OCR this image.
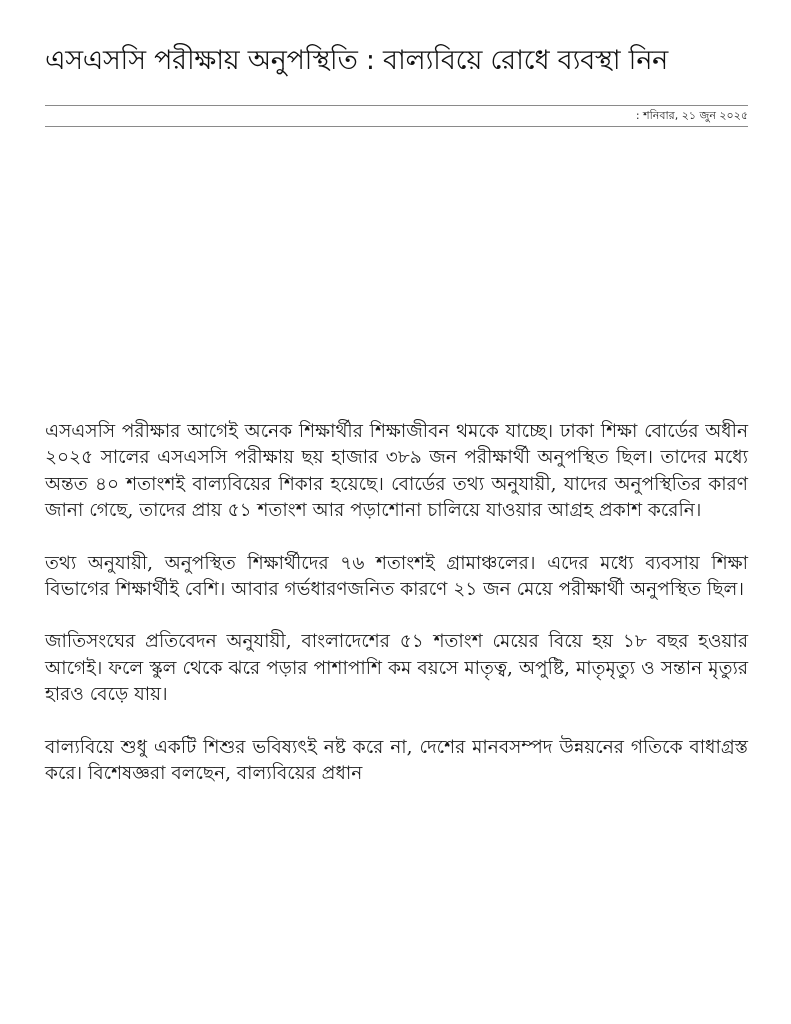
এসএসসি পরীক্ষায় অনুপস্থিতি : বাল্যবিয়ে রোধে ব্যবস্থা নিন
: শনিবার, ২১ জুন ২০২৫

এসএসসি পরীক্ষার আগেই অনেক শিক্ষার্থীর শিক্ষাজীবন থমকে যাচ্ছে। ঢাকা শিক্ষা বোর্ডের অধীন ২০২৫ সালের এসএসসি পরীক্ষায় ছয় হাজার ৩৮৯ জন পরীক্ষার্থী অনুপস্থিত ছিল। তাদের মধ্যে অন্তত ৪০ শতাংশই বাল্যবিয়ের শিকার হয়েছে। বোর্ডের তথ্য অনুযায়ী, যাদের অনুপস্থিতির কারণ জানা গেছে, তাদের প্রায় ৫১ শতাংশ আর পড়াশোনা চালিয়ে যাওয়ার আগ্রহ প্রকাশ করেনি।

তথ্য অনুযায়ী, অনুপস্থিত শিক্ষার্থীদের ৭৬ শতাংশই গ্রামাঞ্চলের। এদের মধ্যে ব্যবসায় শিক্ষা বিভাগের শিক্ষার্থীই বেশি। আবার গর্ভধারণজনিত কারণে ২১ জন মেয়ে পরীক্ষার্থী অনুপস্থিত ছিল।

জাতিসংঘের প্রতিবেদন অনুযায়ী, বাংলাদেশের ৫১ শতাংশ মেয়ের বিয়ে হয় ১৮ বছর হওয়ার আগেই। ফলে স্কুল থেকে ঝরে পড়ার পাশাপাশি কম বয়সে মাতৃত্ব, অপুষ্টি, মাতৃমৃত্যু ও সন্তান মৃত্যুর হারও বেড়ে যায়।

বাল্যবিয়ে শুধু একটি শিশুর ভবিষ্যৎই নষ্ট করে না, দেশের মানবসম্পদ উন্নয়নের গতিকে বাধাগ্রস্ত করে। বিশেষজ্ঞরা বলছেন, বাল্যবিয়ের প্রধান
